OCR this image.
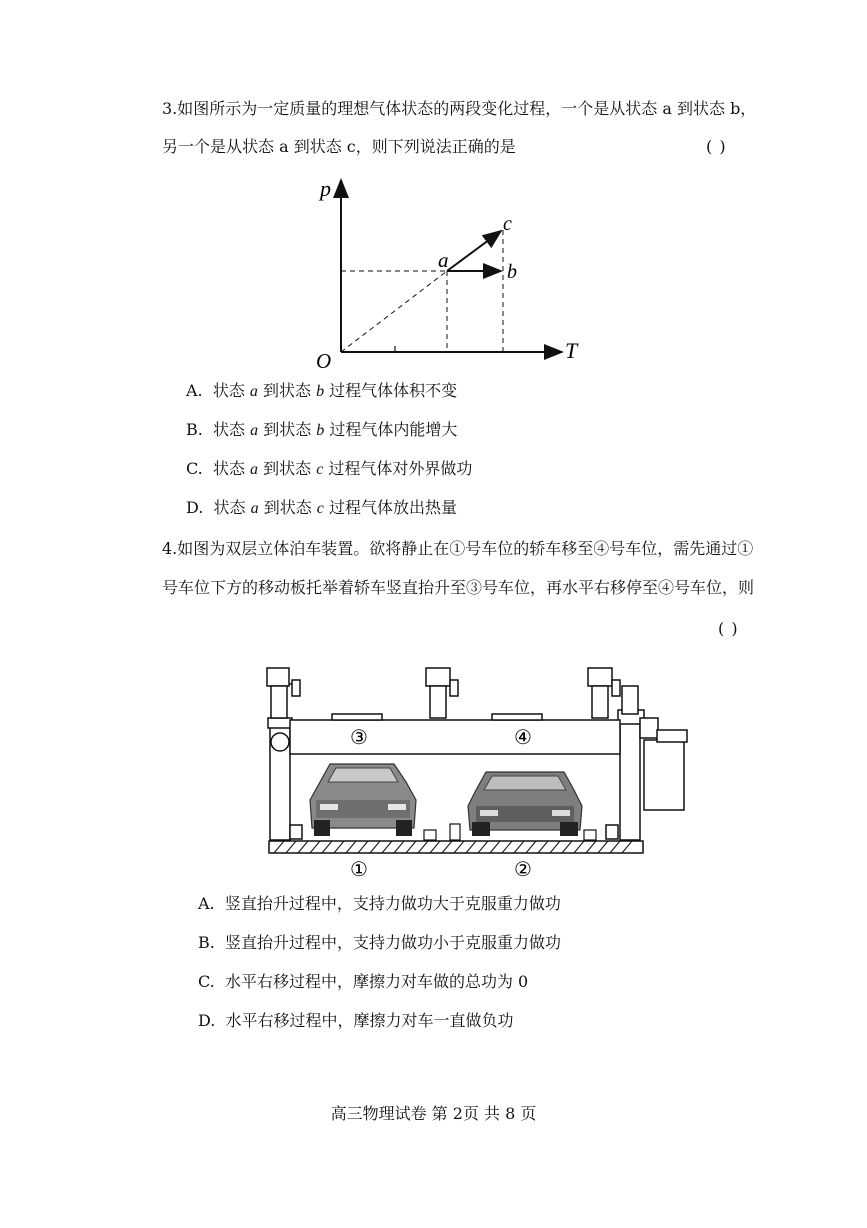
3.如图所示为一定质量的理想气体状态的两段变化过程，一个是从状态 a 到状态 b，
另一个是从状态 a 到状态 c，则下列说法正确的是	( )
p
T
O
a	b
c
A. 状态 a 到状态 b 过程气体体积不变
B. 状态 a 到状态 b 过程气体内能增大
C. 状态 a 到状态 c 过程气体对外界做功
D. 状态 a 到状态 c 过程气体放出热量
4.如图为双层立体泊车装置。欲将静止在①号车位的轿车移至④号车位，需先通过①
号车位下方的移动板托举着轿车竖直抬升至③号车位，再水平右移停至④号车位，则
( )
③	④
①	②
A. 竖直抬升过程中，支持力做功大于克服重力做功
B. 竖直抬升过程中，支持力做功小于克服重力做功
C. 水平右移过程中，摩擦力对车做的总功为 0
D. 水平右移过程中，摩擦力对车一直做负功
高三物理试卷 第 2页 共 8 页
